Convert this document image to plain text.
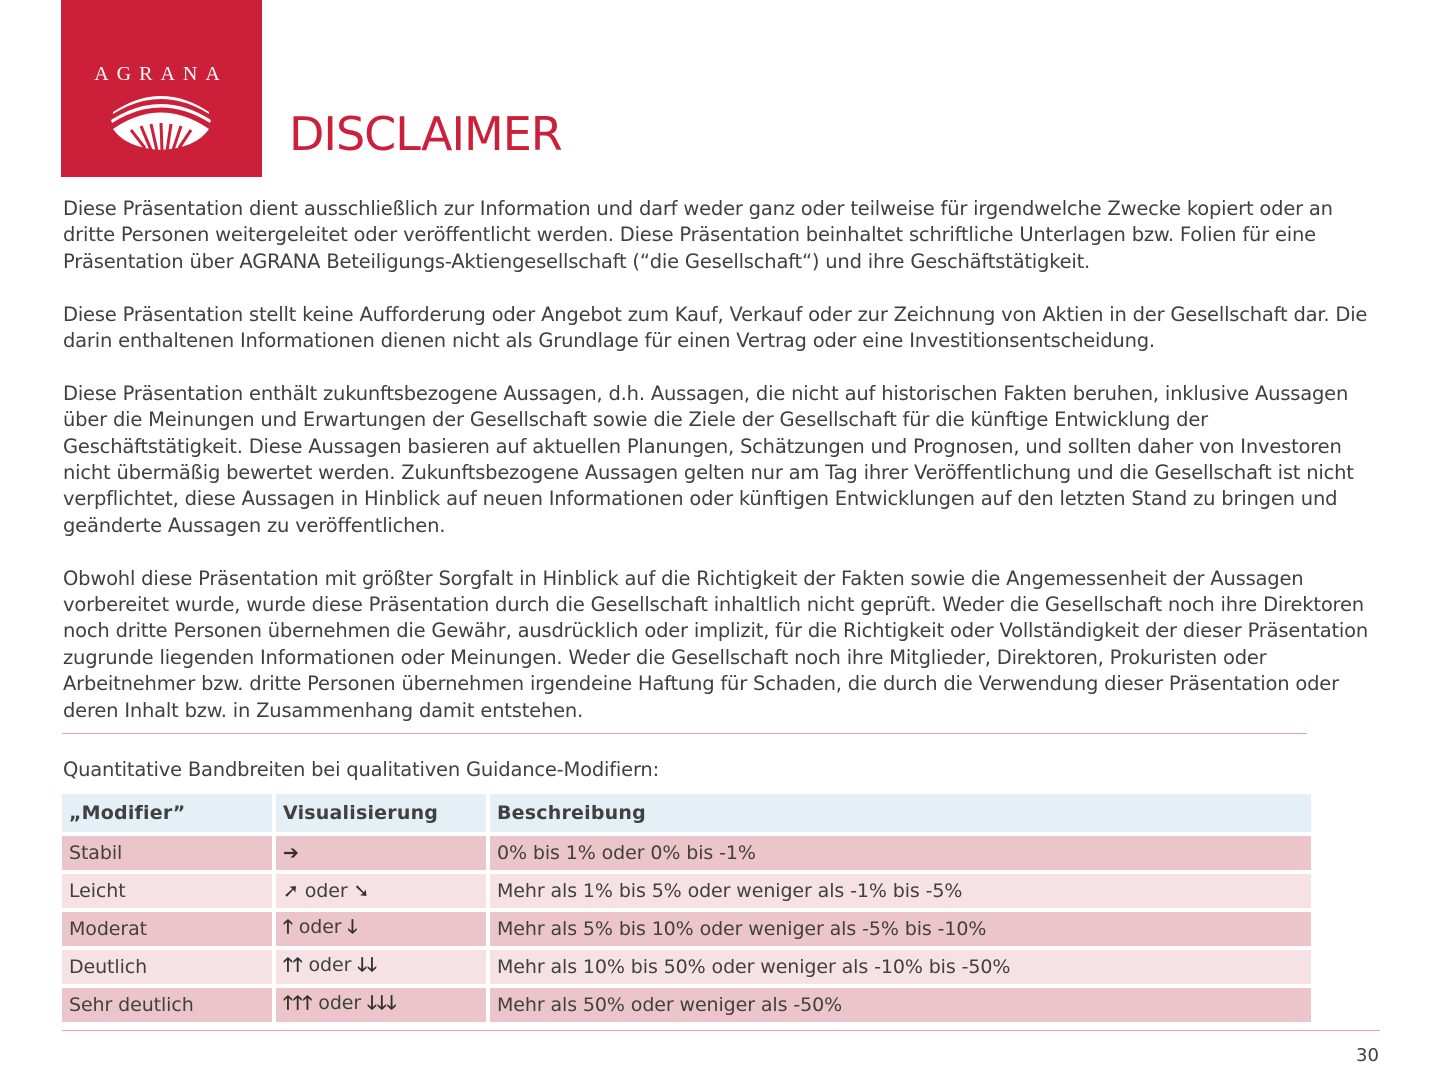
AGRANA
DISCLAIMER

Diese Präsentation dient ausschließlich zur Information und darf weder ganz oder teilweise für irgendwelche Zwecke kopiert oder an dritte Personen weitergeleitet oder veröffentlicht werden. Diese Präsentation beinhaltet schriftliche Unterlagen bzw. Folien für eine Präsentation über AGRANA Beteiligungs-Aktiengesellschaft (“die Gesellschaft“) und ihre Geschäftstätigkeit.

Diese Präsentation stellt keine Aufforderung oder Angebot zum Kauf, Verkauf oder zur Zeichnung von Aktien in der Gesellschaft dar. Die darin enthaltenen Informationen dienen nicht als Grundlage für einen Vertrag oder eine Investitionsentscheidung.

Diese Präsentation enthält zukunftsbezogene Aussagen, d.h. Aussagen, die nicht auf historischen Fakten beruhen, inklusive Aussagen über die Meinungen und Erwartungen der Gesellschaft sowie die Ziele der Gesellschaft für die künftige Entwicklung der Geschäftstätigkeit. Diese Aussagen basieren auf aktuellen Planungen, Schätzungen und Prognosen, und sollten daher von Investoren nicht übermäßig bewertet werden. Zukunftsbezogene Aussagen gelten nur am Tag ihrer Veröffentlichung und die Gesellschaft ist nicht verpflichtet, diese Aussagen in Hinblick auf neuen Informationen oder künftigen Entwicklungen auf den letzten Stand zu bringen und geänderte Aussagen zu veröffentlichen.

Obwohl diese Präsentation mit größter Sorgfalt in Hinblick auf die Richtigkeit der Fakten sowie die Angemessenheit der Aussagen vorbereitet wurde, wurde diese Präsentation durch die Gesellschaft inhaltlich nicht geprüft. Weder die Gesellschaft noch ihre Direktoren noch dritte Personen übernehmen die Gewähr, ausdrücklich oder implizit, für die Richtigkeit oder Vollständigkeit der dieser Präsentation zugrunde liegenden Informationen oder Meinungen. Weder die Gesellschaft noch ihre Mitglieder, Direktoren, Prokuristen oder Arbeitnehmer bzw. dritte Personen übernehmen irgendeine Haftung für Schaden, die durch die Verwendung dieser Präsentation oder deren Inhalt bzw. in Zusammenhang damit entstehen.

Quantitative Bandbreiten bei qualitativen Guidance-Modifiern:
„Modifier”	Visualisierung	Beschreibung
Stabil	➔	0% bis 1% oder 0% bis -1%
Leicht	➚ oder ➘	Mehr als 1% bis 5% oder weniger als -1% bis -5%
Moderat	🡑 oder 🡓	Mehr als 5% bis 10% oder weniger als -5% bis -10%
Deutlich	🡑🡑 oder 🡓🡓	Mehr als 10% bis 50% oder weniger als -10% bis -50%
Sehr deutlich	🡑🡑🡑 oder 🡓🡓🡓	Mehr als 50% oder weniger als -50%
30
